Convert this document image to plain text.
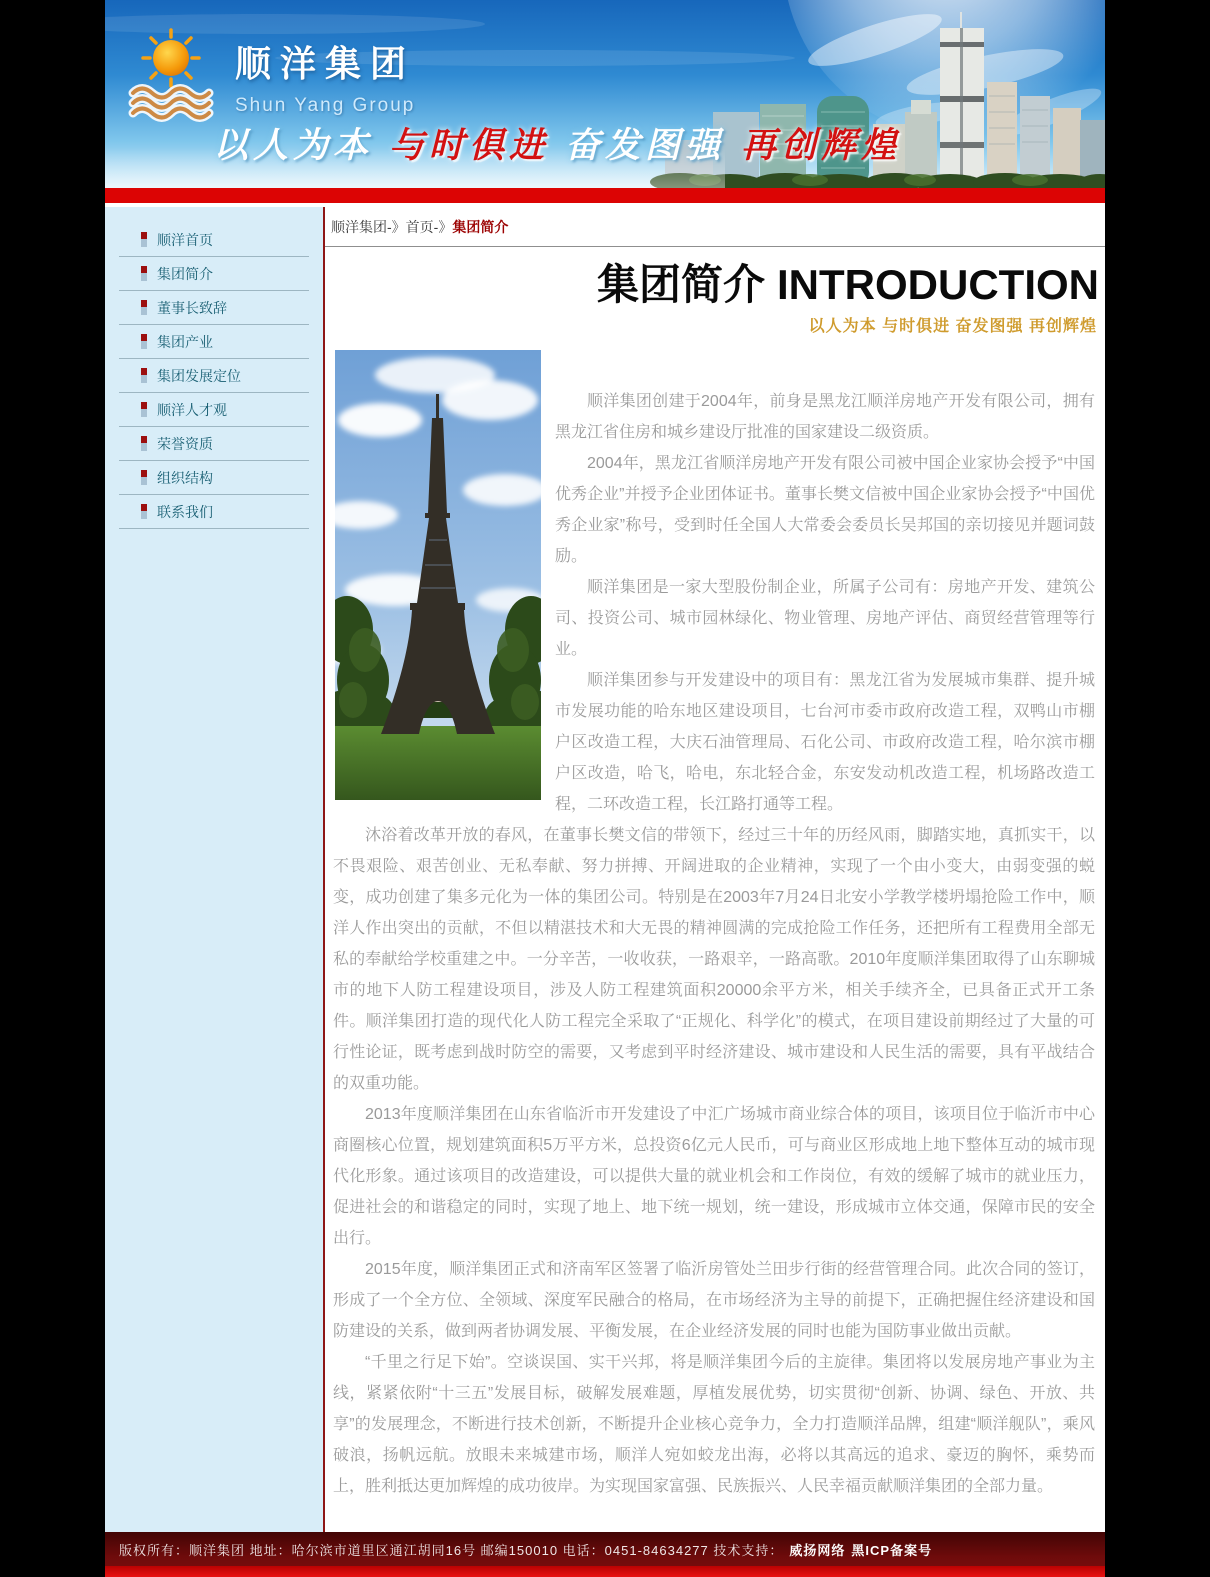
顺洋集团
Shun Yang Group
以人为本 与时俱进 奋发图强 再创辉煌
顺洋首页
集团简介
董事长致辞
集团产业
集团发展定位
顺洋人才观
荣誉资质
组织结构
联系我们
顺洋集团-》首页-》集团简介
集团简介 INTRODUCTION
以人为本 与时俱进 奋发图强 再创辉煌

顺洋集团创建于2004年，前身是黑龙江顺洋房地产开发有限公司，拥有黑龙江省住房和城乡建设厅批准的国家建设二级资质。

2004年，黑龙江省顺洋房地产开发有限公司被中国企业家协会授予“中国优秀企业”并授予企业团体证书。董事长樊文信被中国企业家协会授予“中国优秀企业家”称号，受到时任全国人大常委会委员长吴邦国的亲切接见并题词鼓励。

顺洋集团是一家大型股份制企业，所属子公司有：房地产开发、建筑公司、投资公司、城市园林绿化、物业管理、房地产评估、商贸经营管理等行业。

顺洋集团参与开发建设中的项目有：黑龙江省为发展城市集群、提升城市发展功能的哈东地区建设项目，七台河市委市政府改造工程，双鸭山市棚户区改造工程，大庆石油管理局、石化公司、市政府改造工程，哈尔滨市棚户区改造，哈飞，哈电，东北轻合金，东安发动机改造工程，机场路改造工程，二环改造工程，长江路打通等工程。

沐浴着改革开放的春风，在董事长樊文信的带领下，经过三十年的历经风雨，脚踏实地，真抓实干，以不畏艰险、艰苦创业、无私奉献、努力拼搏、开阔进取的企业精神，实现了一个由小变大，由弱变强的蜕变，成功创建了集多元化为一体的集团公司。特别是在2003年7月24日北安小学教学楼坍塌抢险工作中，顺洋人作出突出的贡献，不但以精湛技术和大无畏的精神圆满的完成抢险工作任务，还把所有工程费用全部无私的奉献给学校重建之中。一分辛苦，一收收获，一路艰辛，一路高歌。2010年度顺洋集团取得了山东聊城市的地下人防工程建设项目，涉及人防工程建筑面积20000余平方米，相关手续齐全，已具备正式开工条件。顺洋集团打造的现代化人防工程完全采取了“正规化、科学化”的模式，在项目建设前期经过了大量的可行性论证，既考虑到战时防空的需要，又考虑到平时经济建设、城市建设和人民生活的需要，具有平战结合的双重功能。

2013年度顺洋集团在山东省临沂市开发建设了中汇广场城市商业综合体的项目，该项目位于临沂市中心商圈核心位置，规划建筑面积5万平方米，总投资6亿元人民币，可与商业区形成地上地下整体互动的城市现代化形象。通过该项目的改造建设，可以提供大量的就业机会和工作岗位，有效的缓解了城市的就业压力，促进社会的和谐稳定的同时，实现了地上、地下统一规划，统一建设，形成城市立体交通，保障市民的安全出行。

2015年度，顺洋集团正式和济南军区签署了临沂房管处兰田步行街的经营管理合同。此次合同的签订，形成了一个全方位、全领域、深度军民融合的格局，在市场经济为主导的前提下，正确把握住经济建设和国防建设的关系，做到两者协调发展、平衡发展，在企业经济发展的同时也能为国防事业做出贡献。

“千里之行足下始”。空谈误国、实干兴邦，将是顺洋集团今后的主旋律。集团将以发展房地产事业为主线，紧紧依附“十三五”发展目标，破解发展难题，厚植发展优势，切实贯彻“创新、协调、绿色、开放、共享”的发展理念，不断进行技术创新，不断提升企业核心竞争力，全力打造顺洋品牌，组建“顺洋舰队”，乘风破浪，扬帆远航。放眼未来城建市场，顺洋人宛如蛟龙出海，必将以其高远的追求、豪迈的胸怀，乘势而上，胜利抵达更加辉煌的成功彼岸。为实现国家富强、民族振兴、人民幸福贡献顺洋集团的全部力量。

版权所有：顺洋集团 地址：哈尔滨市道里区通江胡同16号 邮编150010 电话：0451-84634277 技术支持： 威扬网络 黑ICP备案号
